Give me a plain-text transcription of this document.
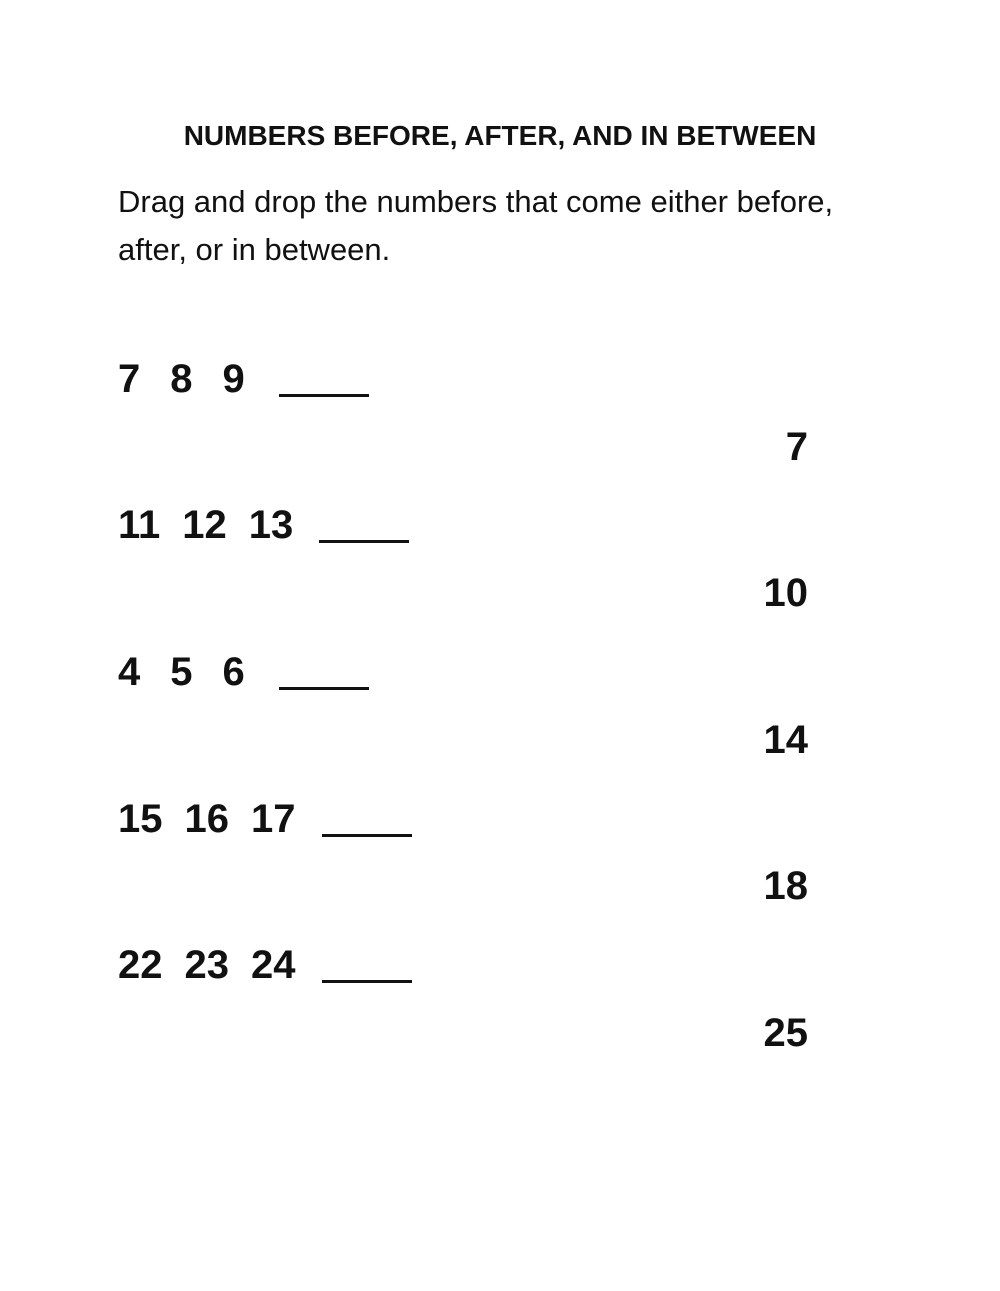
NUMBERS BEFORE, AFTER, AND IN BETWEEN
Drag and drop the numbers that come either before, after, or in between.
7 8 9
11 12 13
4 5 6
15 16 17
22 23 24
7
10
14
18
25
